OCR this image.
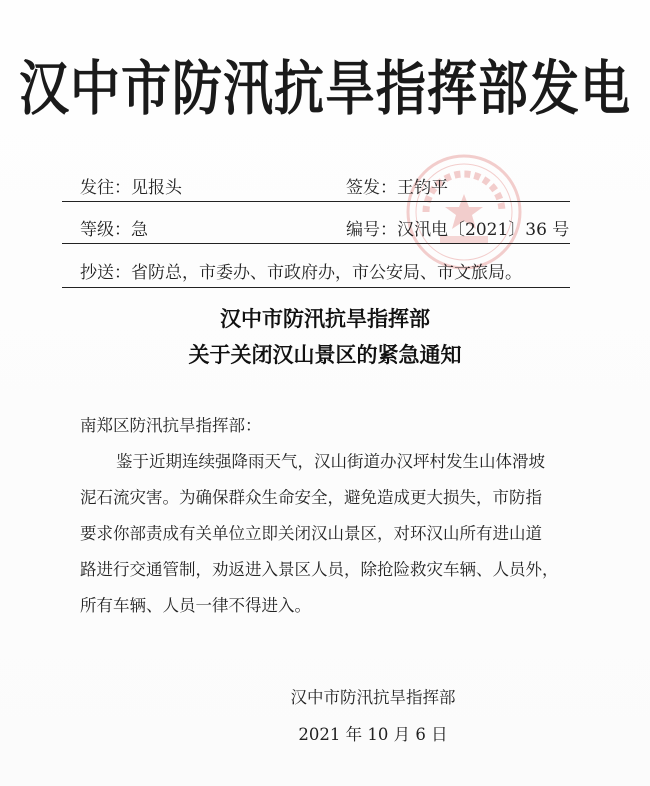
汉中市防汛抗旱指挥部发电
发往：见报头	签发：王钧平
等级：急	编号：汉汛电〔2021〕36 号
抄送：省防总，市委办、市政府办，市公安局、市文旅局。
汉中市防汛抗旱指挥部
关于关闭汉山景区的紧急通知
南郑区防汛抗旱指挥部：
鉴于近期连续强降雨天气，汉山街道办汉坪村发生山体滑坡
泥石流灾害。为确保群众生命安全，避免造成更大损失，市防指
要求你部责成有关单位立即关闭汉山景区，对环汉山所有进山道
路进行交通管制，劝返进入景区人员，除抢险救灾车辆、人员外，
所有车辆、人员一律不得进入。
汉中市防汛抗旱指挥部
2021 年 10 月 6 日
